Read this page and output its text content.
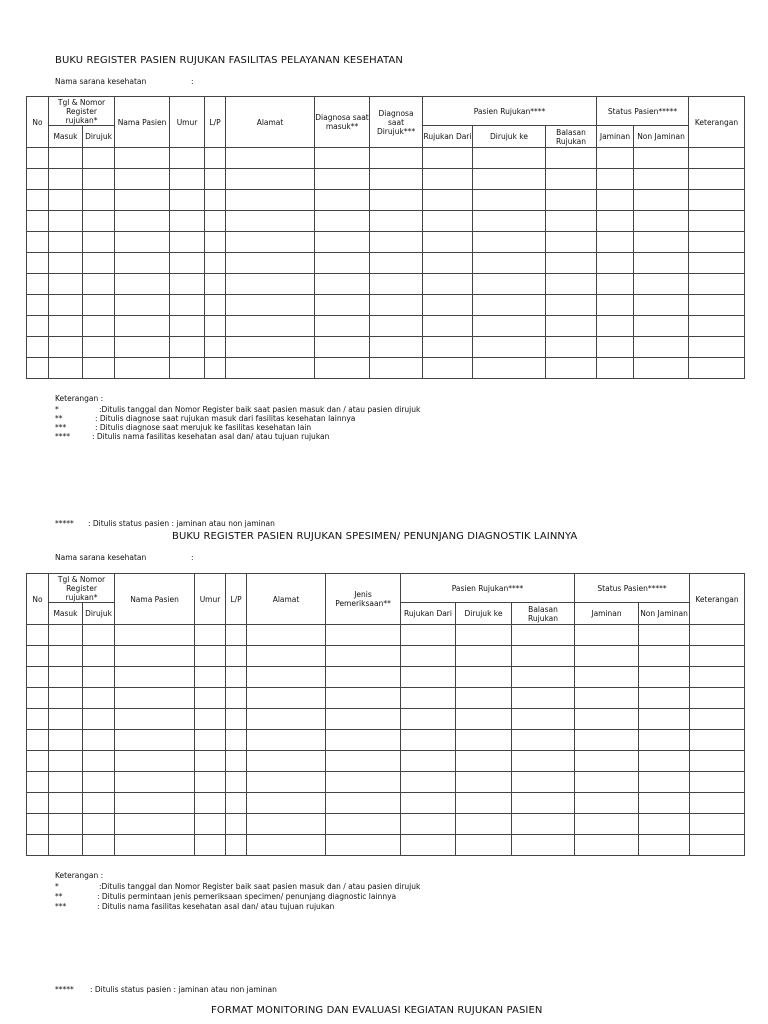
BUKU REGISTER PASIEN RUJUKAN FASILITAS PELAYANAN KESEHATAN
Nama sarana kesehatan	:
No	Tgl & Nomor Register rujukan*		Nama Pasien	Umur	L/P	Alamat	Diagnosa saat masuk**	Diagnosa saat Dirujuk***	Pasien Rujukan****			Status Pasien*****		Keterangan
	Masuk	Dirujuk							Rujukan Dari	Dirujuk ke	Balasan Rujukan	Jaminan	Non Jaminan	

Keterangan :
*	:Ditulis tanggal dan Nomor Register baik saat pasien masuk dan / atau pasien dirujuk
**	: Ditulis diagnose saat rujukan masuk dari fasilitas kesehatan lainnya
***	: Ditulis diagnose saat merujuk ke fasilitas kesehatan lain
****	: Ditulis nama fasilitas kesehatan asal dan/ atau tujuan rujukan
***** : Ditulis status pasien : jaminan atau non jaminan
BUKU REGISTER PASIEN RUJUKAN SPESIMEN/ PENUNJANG DIAGNOSTIK LAINNYA
Nama sarana kesehatan	:
No	Tgl & Nomor Register rujukan*		Nama Pasien	Umur	L/P	Alamat	Jenis Pemeriksaan**	Pasien Rujukan****			Status Pasien*****		Keterangan
	Masuk	Dirujuk						Rujukan Dari	Dirujuk ke	Balasan Rujukan	Jaminan	Non Jaminan	

Keterangan :
*	:Ditulis tanggal dan Nomor Register baik saat pasien masuk dan / atau pasien dirujuk
**	: Ditulis permintaan jenis pemeriksaan specimen/ penunjang diagnostic lainnya
***	: Ditulis nama fasilitas kesehatan asal dan/ atau tujuan rujukan
***** : Ditulis status pasien : jaminan atau non jaminan
FORMAT MONITORING DAN EVALUASI KEGIATAN RUJUKAN PASIEN
